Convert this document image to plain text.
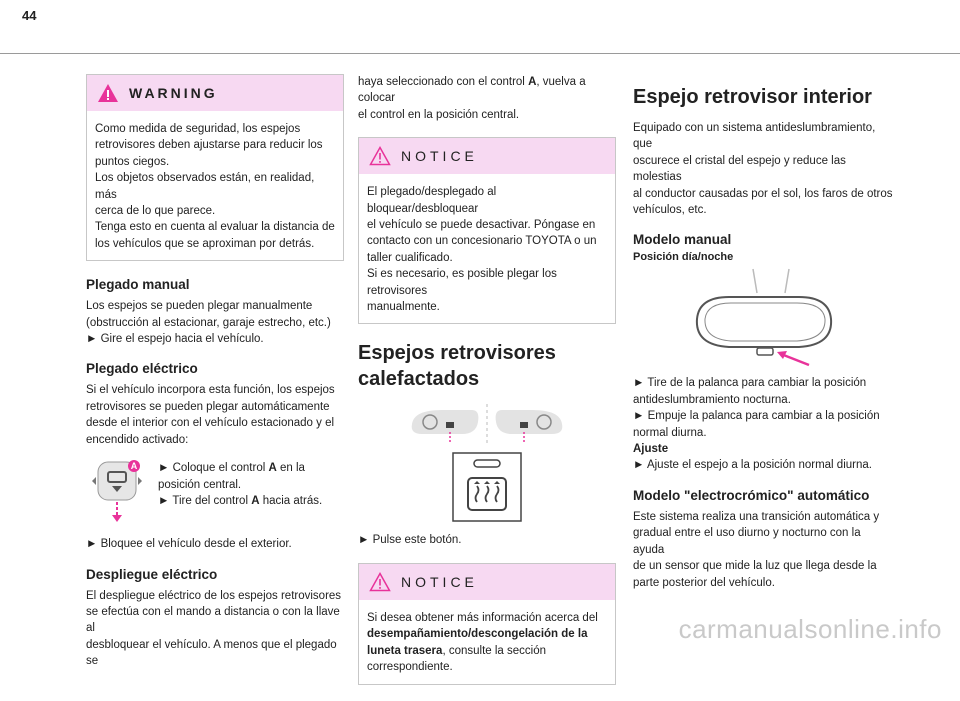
44
WARNING
Como medida de seguridad, los espejos
retrovisores deben ajustarse para reducir los
puntos ciegos.
Los objetos observados están, en realidad, más
cerca de lo que parece.
Tenga esto en cuenta al evaluar la distancia de
los vehículos que se aproximan por detrás.
Plegado manual

Los espejos se pueden plegar manualmente

(obstrucción al estacionar, garaje estrecho, etc.)

► Gire el espejo hacia el vehículo.

Plegado eléctrico

Si el vehículo incorpora esta función, los espejos

retrovisores se pueden plegar automáticamente

desde el interior con el vehículo estacionado y el

encendido activado:

A ► Coloque el control A en la
posición central.
► Tire del control A hacia atrás.

► Bloquee el vehículo desde el exterior.

Despliegue eléctrico

El despliegue eléctrico de los espejos retrovisores

se efectúa con el mando a distancia o con la llave al

desbloquear el vehículo. A menos que el plegado se

haya seleccionado con el control A, vuelva a colocar

el control en la posición central.

NOTICE
El plegado/desplegado al bloquear/desbloquear
el vehículo se puede desactivar. Póngase en
contacto con un concesionario TOYOTA o un
taller cualificado.
Si es necesario, es posible plegar los retrovisores
manualmente.
Espejos retrovisores
calefactados

► Pulse este botón.

NOTICE
Si desea obtener más información acerca del
desempañamiento/descongelación de la
luneta trasera, consulte la sección
correspondiente.
Espejo retrovisor interior

Equipado con un sistema antideslumbramiento, que

oscurece el cristal del espejo y reduce las molestias

al conductor causadas por el sol, los faros de otros

vehículos, etc.

Modelo manual
Posición día/noche

► Tire de la palanca para cambiar la posición

antideslumbramiento nocturna.

► Empuje la palanca para cambiar a la posición

normal diurna.

Ajuste

► Ajuste el espejo a la posición normal diurna.

Modelo "electrocrómico" automático

Este sistema realiza una transición automática y

gradual entre el uso diurno y nocturno con la ayuda

de un sensor que mide la luz que llega desde la

parte posterior del vehículo.

carmanualsonline.info
